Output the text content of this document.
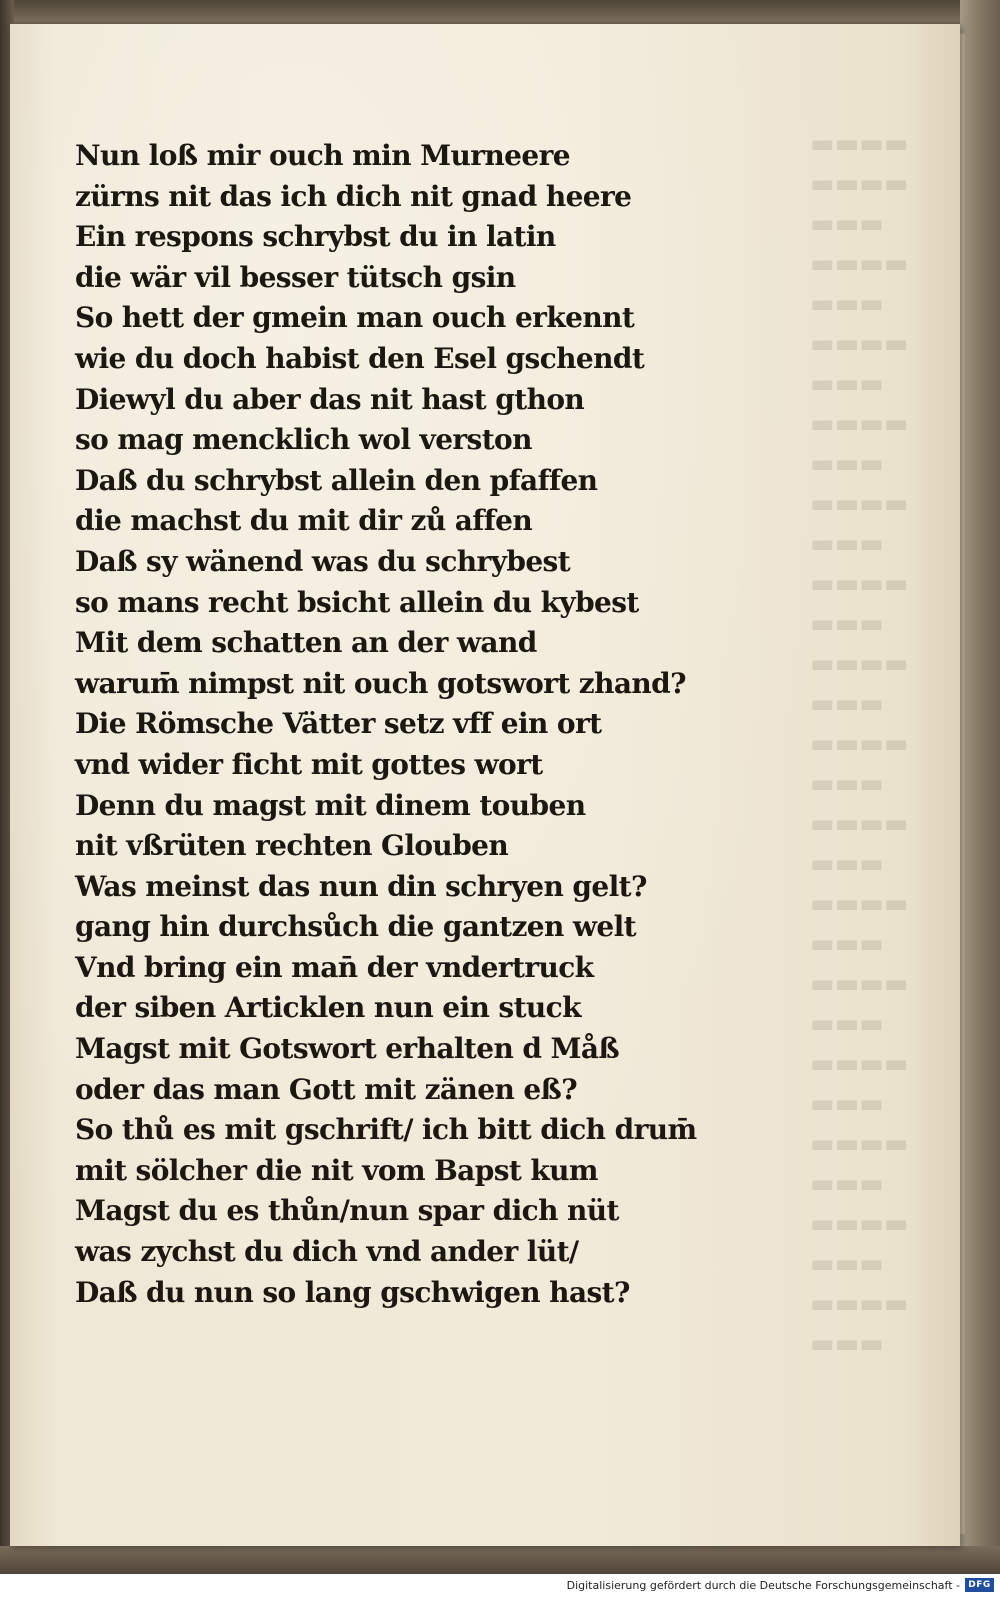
▬▬▬▬
▬▬▬▬
▬▬▬
▬▬▬▬
▬▬▬
▬▬▬▬
▬▬▬
▬▬▬▬
▬▬▬
▬▬▬▬
▬▬▬
▬▬▬▬
▬▬▬
▬▬▬▬
▬▬▬
▬▬▬▬
▬▬▬
▬▬▬▬
▬▬▬
▬▬▬▬
▬▬▬
▬▬▬▬
▬▬▬
▬▬▬▬
▬▬▬
▬▬▬▬
▬▬▬
▬▬▬▬
▬▬▬
▬▬▬▬
▬▬▬
Nun loß mir ouch min Murneere
zürns nit das ich dich nit gnad heere
Ein respons schrybst du in latin
die wär vil besser tütsch gsin
So hett der gmein man ouch erkennt
wie du doch habist den Esel gschendt
Diewyl du aber das nit hast gthon
so mag mencklich wol verston
Daß du schrybst allein den pfaffen
die machst du mit dir zů affen
Daß sy wänend was du schrybest
so mans recht bsicht allein du kybest
Mit dem schatten an der wand
warum̄ nimpst nit ouch gotswort zhand?
Die Römsche Vätter setz vff ein ort
vnd wider ficht mit gottes wort
Denn du magst mit dinem touben
nit vßrüten rechten Glouben
Was meinst das nun din schryen gelt?
gang hin durchsůch die gantzen welt
Vnd bring ein man̄ der vndertruck
der siben Articklen nun ein stuck
Magst mit Gotswort erhalten d Måß
oder das man Gott mit zänen eß?
So thů es mit gschrift/ ich bitt dich drum̄
mit sölcher die nit vom Bapst kum
Magst du es thůn/nun spar dich nüt
was zychst du dich vnd ander lüt/
Daß du nun so lang gschwigen hast?
Digitalisierung gefördert durch die Deutsche Forschungsgemeinschaft - DFG
